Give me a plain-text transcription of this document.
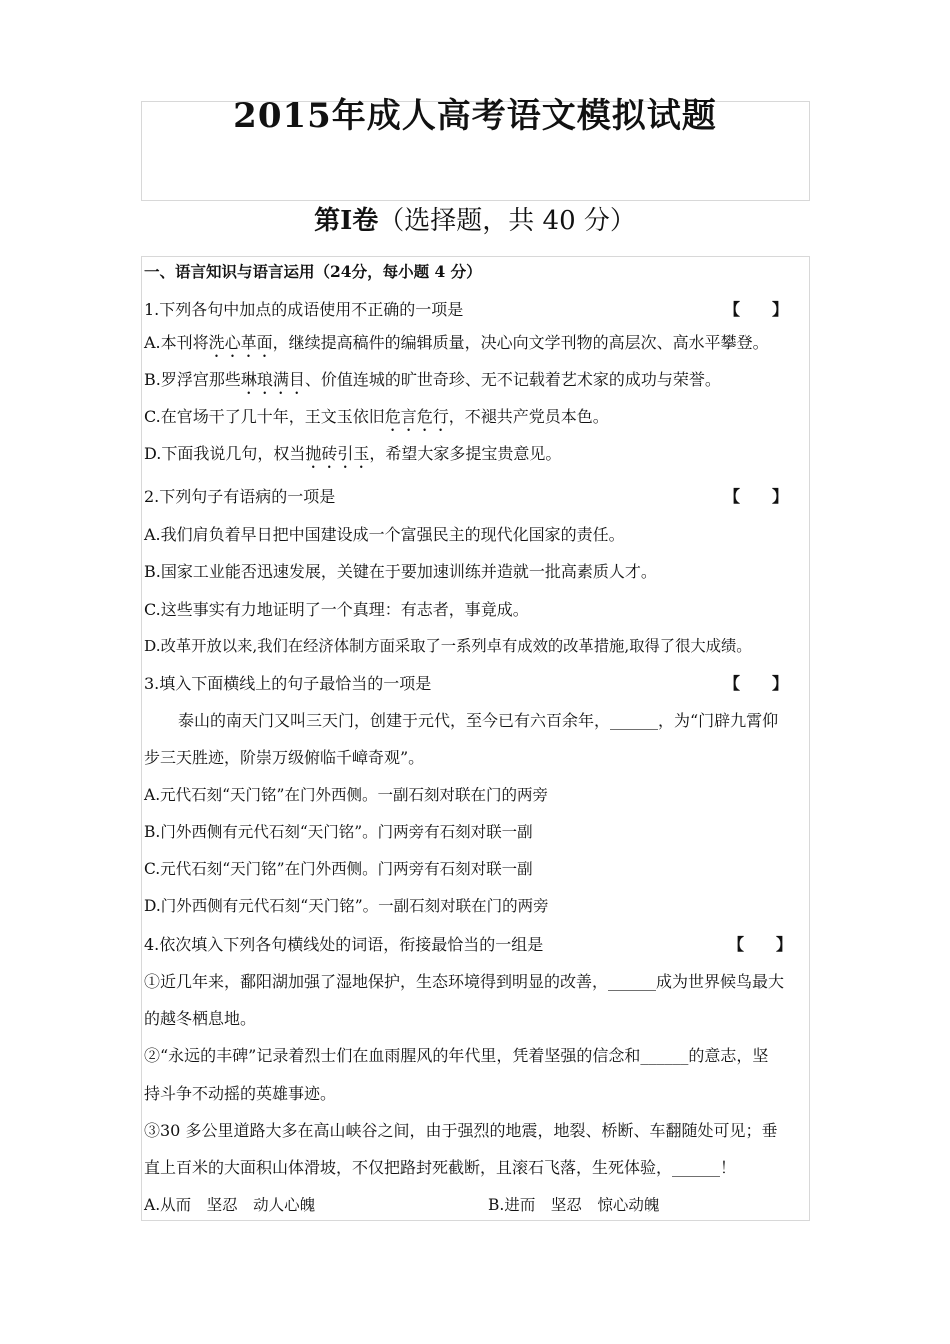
2015年成人高考语文模拟试题
第Ⅰ卷（选择题，共 40 分）
一、语言知识与语言运用（24分，每小题 4 分）
1.下列各句中加点的成语使用不正确的一项是	【　　】
A.本刊将洗心革面，继续提高稿件的编辑质量，决心向文学刊物的高层次、高水平攀登。
B.罗浮宫那些琳琅满目、价值连城的旷世奇珍、无不记载着艺术家的成功与荣誉。
C.在官场干了几十年，王文玉依旧危言危行，不褪共产党员本色。
D.下面我说几句，权当抛砖引玉，希望大家多提宝贵意见。
2.下列句子有语病的一项是	【　　】
A.我们肩负着早日把中国建设成一个富强民主的现代化国家的责任。
B.国家工业能否迅速发展，关键在于要加速训练并造就一批高素质人才。
C.这些事实有力地证明了一个真理：有志者，事竟成。
D.改革开放以来,我们在经济体制方面采取了一系列卓有成效的改革措施,取得了很大成绩。
3.填入下面横线上的句子最恰当的一项是	【　　】
泰山的南天门又叫三天门，创建于元代，至今已有六百余年，______，为“门辟九霄仰
步三天胜迹，阶崇万级俯临千嶂奇观”。
A.元代石刻“天门铭”在门外西侧。一副石刻对联在门的两旁
B.门外西侧有元代石刻“天门铭”。门两旁有石刻对联一副
C.元代石刻“天门铭”在门外西侧。门两旁有石刻对联一副
D.门外西侧有元代石刻“天门铭”。一副石刻对联在门的两旁
4.依次填入下列各句横线处的词语，衔接最恰当的一组是	【　　】
①近几年来，鄱阳湖加强了湿地保护，生态环境得到明显的改善，______成为世界候鸟最大
的越冬栖息地。
②“永远的丰碑”记录着烈士们在血雨腥风的年代里，凭着坚强的信念和______的意志，坚
持斗争不动摇的英雄事迹。
③30 多公里道路大多在高山峡谷之间，由于强烈的地震，地裂、桥断、车翻随处可见；垂
直上百米的大面积山体滑坡，不仅把路封死截断，且滚石飞落，生死体验，______！
A.从而　坚忍　动人心魄	B.进而　坚忍　惊心动魄
